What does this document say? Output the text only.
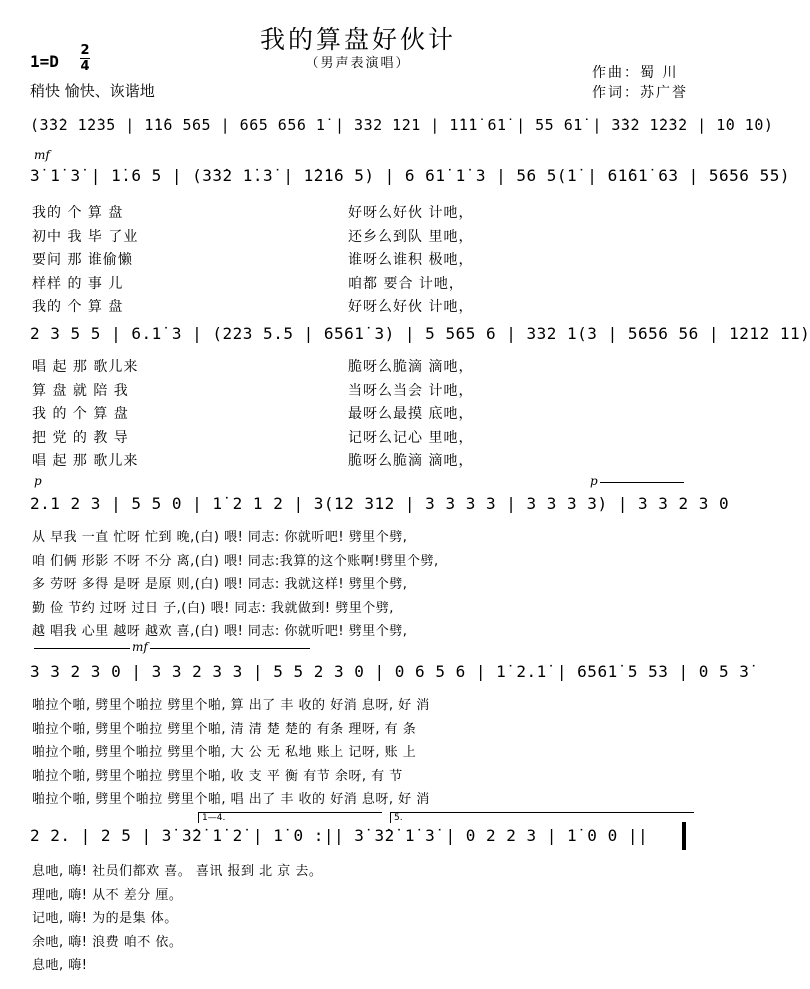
我的算盘好伙计
（男声表演唱）
1=D
2
4
稍快 愉快、诙谐地
作曲：蜀 川
作词：苏广誉
(3̇3̇2 1̇2̇3̇5 | 1̇1̇6 565 | 665 656 1̇ | 332 121 | 1̇1̇1̇ 61̇ | 55 61̇ | 3̇3̇2 1̇2̇3̇2 | 1̇0 1̇0)
mf
3̇ 1̇ 3̇ | 1̇.6 5 | (3̇3̇2 1̇.3̇ | 1̇2̇1̇6 5) | 6 61̇ 1̇ 3 | 56 5(1̇ | 61̇61̇ 63 | 5656 55)
我的 个 算 盘
初中 我 毕 了业
要问 那 谁偷懒
样样 的 事 儿
我的 个 算 盘
好呀么好伙 计吔，
还乡么到队 里吔，
谁呀么谁积 极吔，
咱都 要合 计吔，
好呀么好伙 计吔，
2 3 5 5 | 6.1̇ 3 | (223 5.5 | 6561̇ 3) | 5 565 6 | 332 1(3 | 5656 56 | 1212 11)
唱 起 那 歌儿来
算 盘 就 陪 我
我 的 个 算 盘
把 党 的 教 导
唱 起 那 歌儿来
脆呀么脆滴 滴吔，
当呀么当会 计吔，
最呀么最摸 底吔，
记呀么记心 里吔，
脆呀么脆滴 滴吔，
p	p
2.1 2 3 | 5 5 0 | 1̇ 2 1 2 | 3(12 312 | 3 3 3 3 | 3 3 3 3) | 3 3 2 3 0
从 早我 一直 忙呀 忙到 晚,(白) 喂! 同志: 你就听吧! 劈里个劈,
咱 们俩 形影 不呀 不分 离,(白) 喂! 同志:我算的这个账啊!劈里个劈,
多 劳呀 多得 是呀 是原 则,(白) 喂! 同志: 我就这样! 劈里个劈,
勤 俭 节约 过呀 过日 子,(白) 喂! 同志: 我就做到! 劈里个劈,
越 唱我 心里 越呀 越欢 喜,(白) 喂! 同志: 你就听吧! 劈里个劈,
mf
3 3 2 3 0 | 3 3 2 3 3 | 5 5 2 3 0 | 0 6 5 6 | 1̇ 2.1̇ | 6561̇ 5 53 | 0 5 3̇
啪拉个啪, 劈里个啪拉 劈里个啪, 算 出了 丰 收的 好消 息呀, 好 消
啪拉个啪, 劈里个啪拉 劈里个啪, 清 清 楚 楚的 有条 理呀, 有 条
啪拉个啪, 劈里个啪拉 劈里个啪, 大 公 无 私地 账上 记呀, 账 上
啪拉个啪, 劈里个啪拉 劈里个啪, 收 支 平 衡 有节 余呀, 有 节
啪拉个啪, 劈里个啪拉 劈里个啪, 唱 出了 丰 收的 好消 息呀, 好 消
1—4.	5.
2 2. | 2 5 | 3̇ 3̇2̇ 1̇ 2̇ | 1̇ 0 :|| 3̇ 3̇2̇ 1̇ 3̇ | 0 2 2 3 | 1̇ 0 0 ||
息吔, 嗨! 社员们都欢 喜。 喜讯 报到 北 京 去。
理吔, 嗨! 从不 差分 厘。
记吔, 嗨! 为的是集 体。
余吔, 嗨! 浪费 咱不 依。
息吔, 嗨!
